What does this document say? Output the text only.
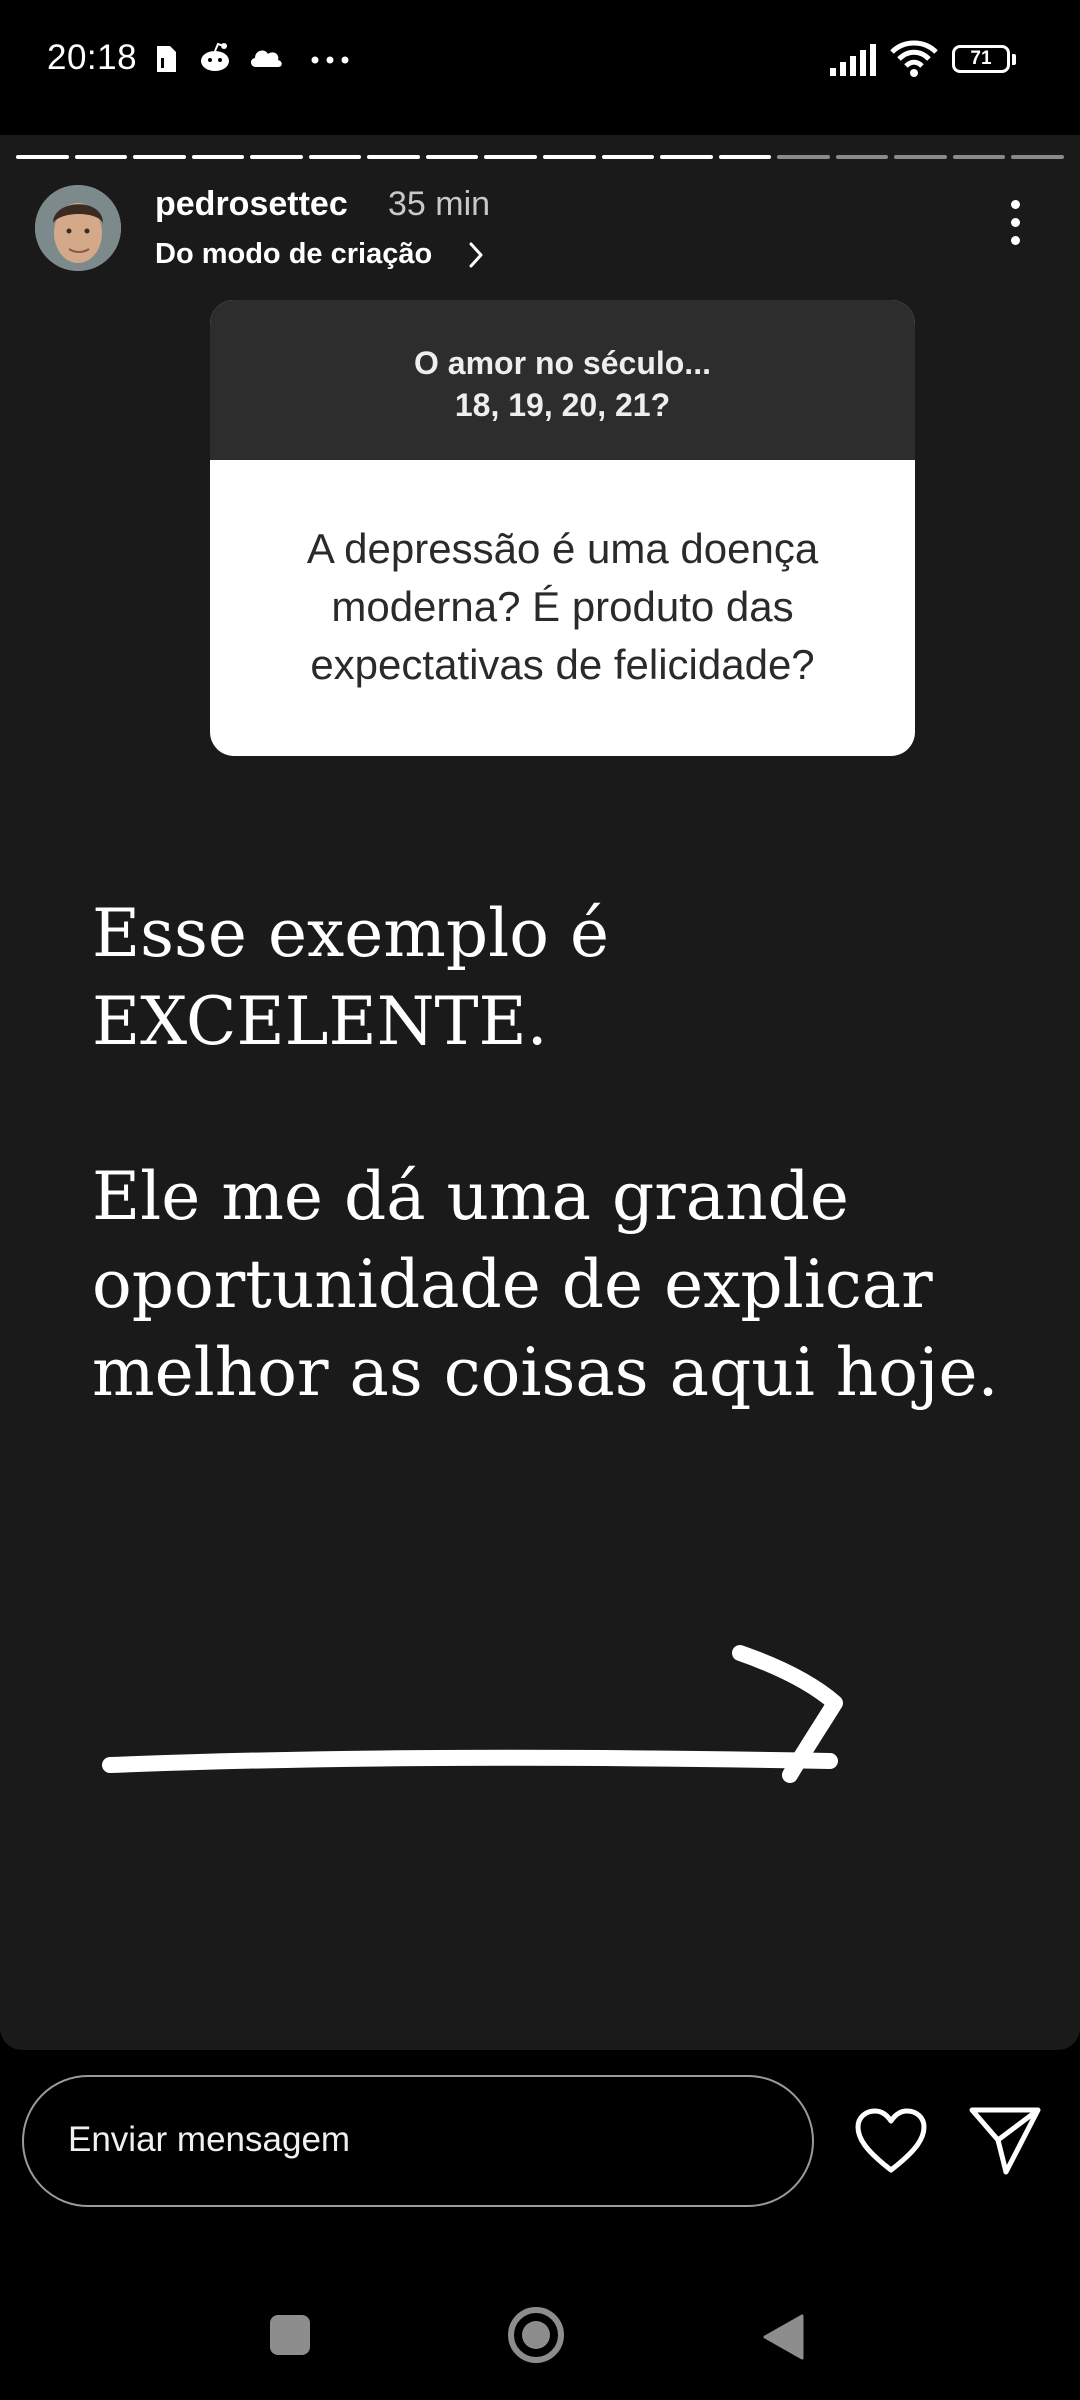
20:18	71
pedrosettec 35 min
Do modo de criação
O amor no século...
18, 19, 20, 21?
A depressão é uma doença
moderna? É produto das
expectativas de felicidade?
Esse exemplo é
EXCELENTE.
Ele me dá uma grande
oportunidade de explicar
melhor as coisas aqui hoje.
Enviar mensagem
